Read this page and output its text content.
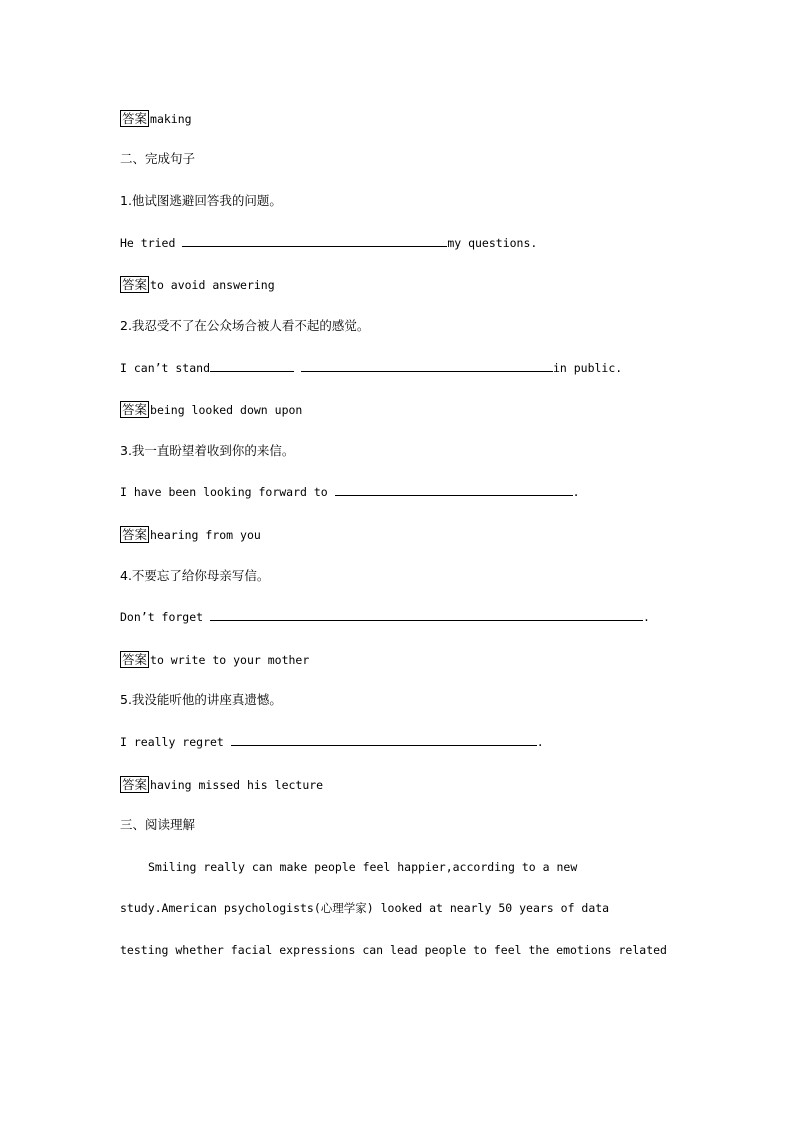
答案 making
二、完成句子
1.他试图逃避回答我的问题。
He tried	my questions.
答案 to avoid answering
2.我忍受不了在公众场合被人看不起的感觉。
I can’t stand	in public.
答案 being looked down upon
3.我一直盼望着收到你的来信。
I have been looking forward to	.
答案 hearing from you
4.不要忘了给你母亲写信。
Don’t forget	.
答案 to write to your mother
5.我没能听他的讲座真遗憾。
I really regret	.
答案 having missed his lecture
三、阅读理解
Smiling really can make people feel happier,according to a new
study.American psychologists(心理学家) looked at nearly 50 years of data
testing whether facial expressions can lead people to feel the emotions related
